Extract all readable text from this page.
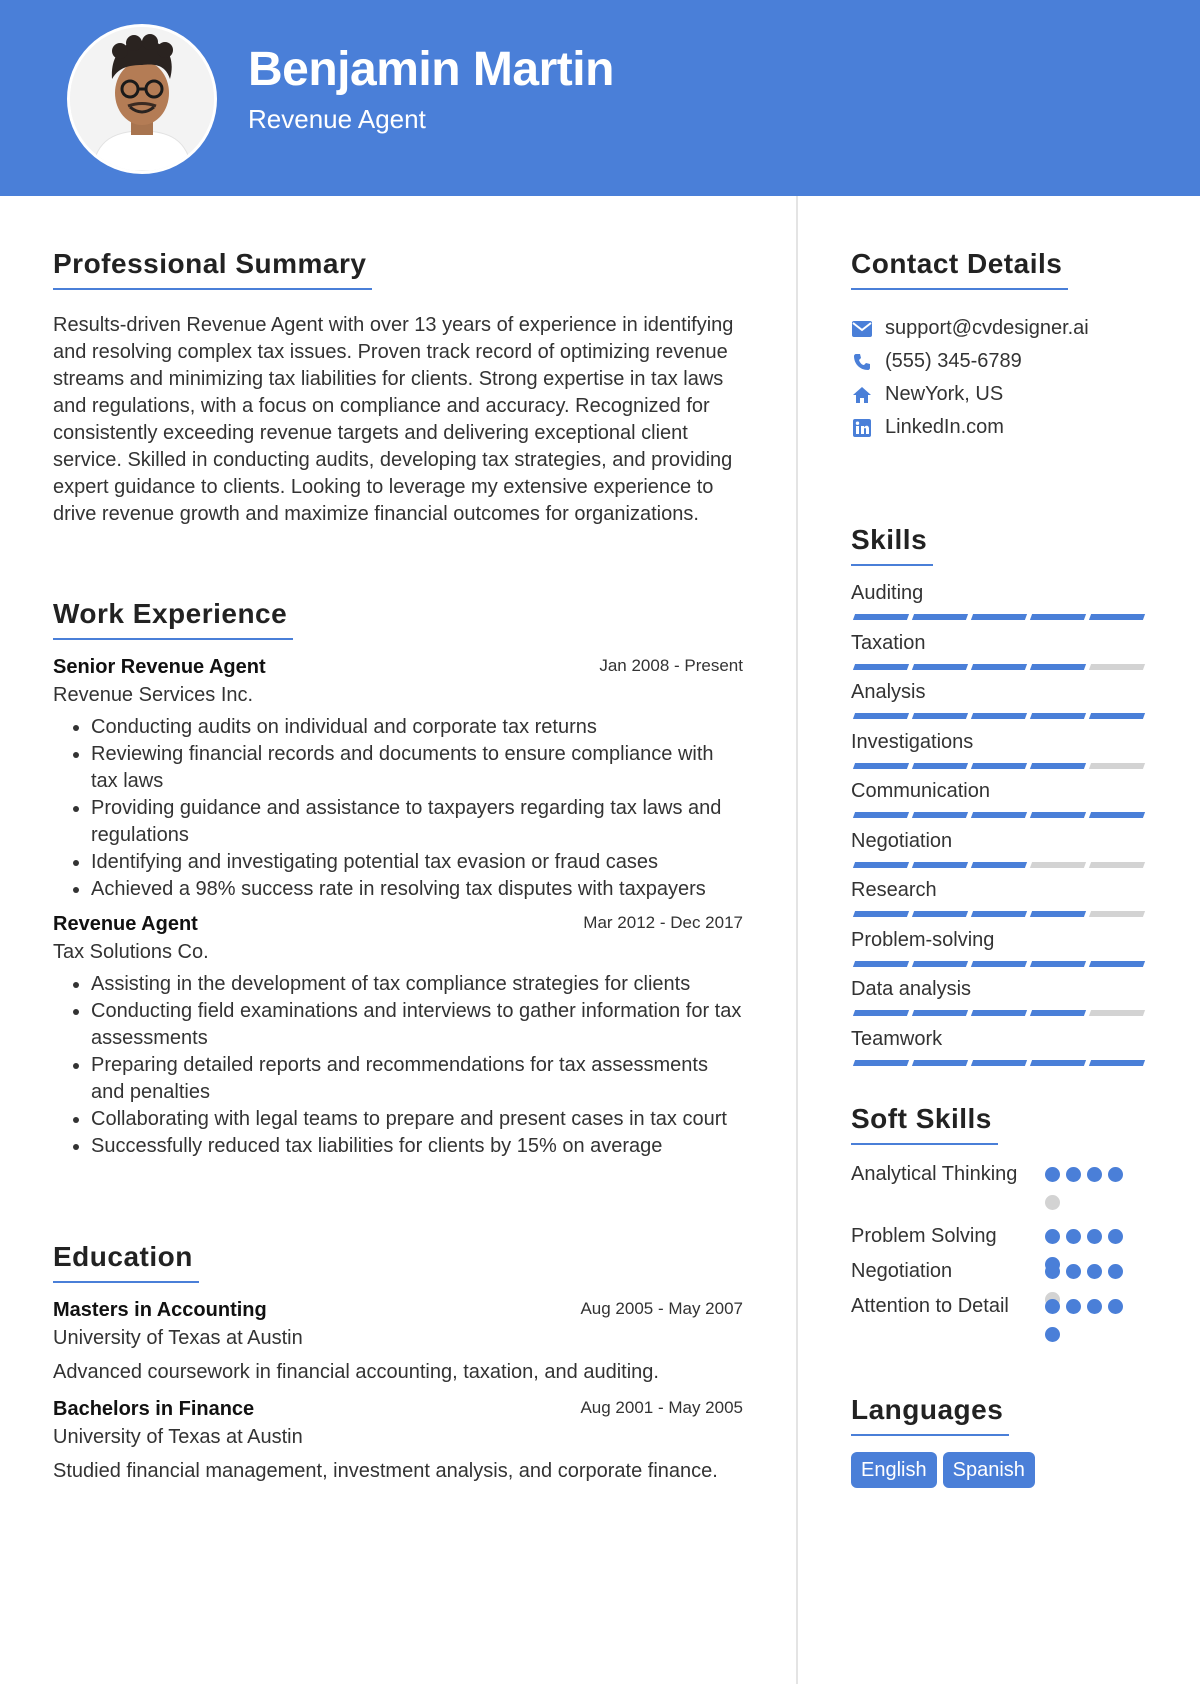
Benjamin Martin
Revenue Agent
Professional Summary

Results-driven Revenue Agent with over 13 years of experience in identifying and resolving complex tax issues. Proven track record of optimizing revenue streams and minimizing tax liabilities for clients. Strong expertise in tax laws and regulations, with a focus on compliance and accuracy. Recognized for consistently exceeding revenue targets and delivering exceptional client service. Skilled in conducting audits, developing tax strategies, and providing expert guidance to clients. Looking to leverage my extensive experience to drive revenue growth and maximize financial outcomes for organizations.

Work Experience
Senior Revenue Agent	Jan 2008 - Present
Revenue Services Inc.
• Conducting audits on individual and corporate tax returns
• Reviewing financial records and documents to ensure compliance with tax laws
• Providing guidance and assistance to taxpayers regarding tax laws and regulations
• Identifying and investigating potential tax evasion or fraud cases
• Achieved a 98% success rate in resolving tax disputes with taxpayers
Revenue Agent	Mar 2012 - Dec 2017
Tax Solutions Co.
• Assisting in the development of tax compliance strategies for clients
• Conducting field examinations and interviews to gather information for tax assessments
• Preparing detailed reports and recommendations for tax assessments and penalties
• Collaborating with legal teams to prepare and present cases in tax court
• Successfully reduced tax liabilities for clients by 15% on average
Education
Masters in Accounting	Aug 2005 - May 2007
University of Texas at Austin
Advanced coursework in financial accounting, taxation, and auditing.
Bachelors in Finance	Aug 2001 - May 2005
University of Texas at Austin
Studied financial management, investment analysis, and corporate finance.
Contact Details
support@cvdesigner.ai
(555) 345-6789
NewYork, US
LinkedIn.com
Skills
Auditing
Taxation
Analysis
Investigations
Communication
Negotiation
Research
Problem-solving
Data analysis
Teamwork
Soft Skills
Analytical Thinking
Problem Solving
Negotiation
Attention to Detail
Languages
English	Spanish
